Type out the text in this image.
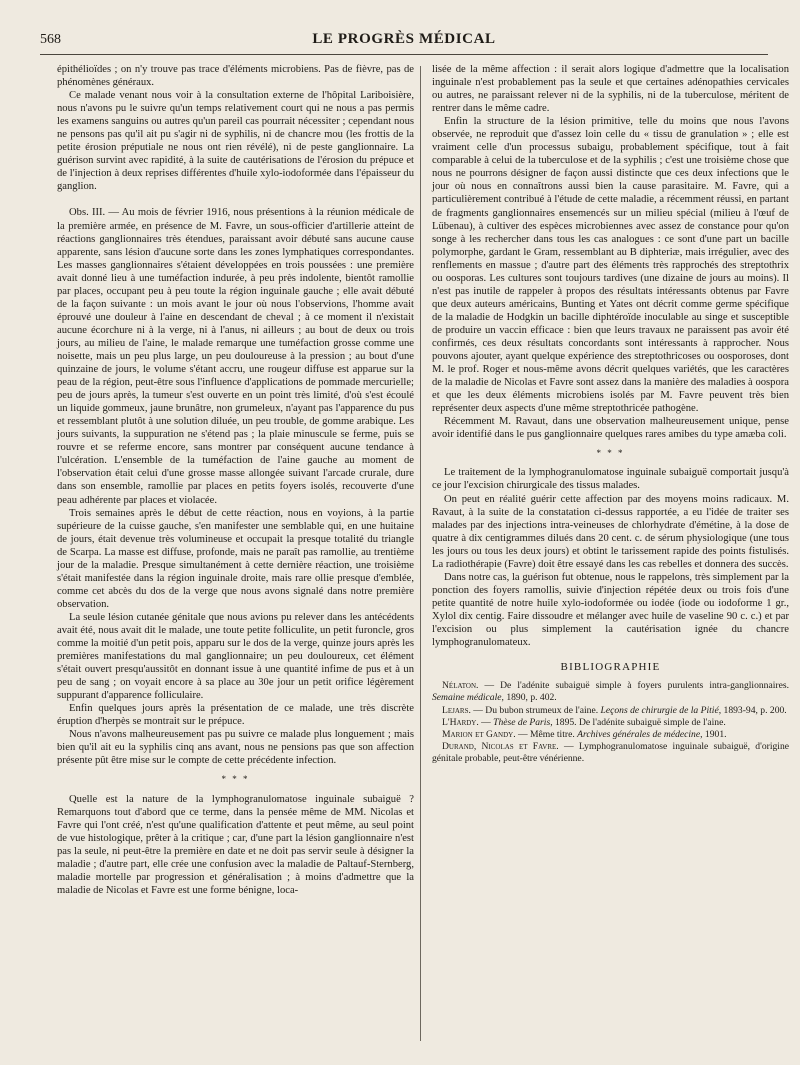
568	LE PROGRÈS MÉDICAL

épithélioïdes ; on n'y trouve pas trace d'éléments microbiens. Pas de fièvre, pas de phénomènes généraux.

Ce malade venant nous voir à la consultation externe de l'hôpital Lariboisière, nous n'avons pu le suivre qu'un temps relativement court qui ne nous a pas permis les examens sanguins ou autres qu'un pareil cas pourrait nécessiter ; cependant nous ne pensons pas qu'il ait pu s'agir ni de syphilis, ni de chancre mou (les frottis de la petite érosion préputiale ne nous ont rien révélé), ni de peste ganglionnaire. La guérison survint avec rapidité, à la suite de cautérisations de l'érosion du prépuce et de l'injection à deux reprises différentes d'huile xylo-iodoformée dans l'épaisseur du ganglion.

Obs. III. — Au mois de février 1916, nous présentions à la réunion médicale de la première armée, en présence de M. Favre, un sous-officier d'artillerie atteint de réactions ganglionnaires très étendues, paraissant avoir débuté sans aucune cause apparente, sans lésion d'aucune sorte dans les zones lymphatiques correspondantes. Les masses ganglionnaires s'étaient développées en trois poussées : une première avait donné lieu à une tuméfaction indurée, à peu près indolente, bientôt ramollie par places, occupant peu à peu toute la région inguinale gauche ; elle avait débuté de la façon suivante : un mois avant le jour où nous l'observions, l'homme avait éprouvé une douleur à l'aine en descendant de cheval ; à ce moment il n'existait aucune écorchure ni à la verge, ni à l'anus, ni ailleurs ; au bout de deux ou trois jours, au milieu de l'aine, le malade remarque une tuméfaction grosse comme une noisette, mais un peu plus large, un peu douloureuse à la pression ; au bout d'une quinzaine de jours, le volume s'étant accru, une rougeur diffuse est apparue sur la peau de la région, peut-être sous l'influence d'applications de pommade mercurielle; peu de jours après, la tumeur s'est ouverte en un point très limité, d'où s'est écoulé un liquide gommeux, jaune brunâtre, non grumeleux, n'ayant pas l'apparence du pus et ressemblant plutôt à une solution diluée, un peu trouble, de gomme arabique. Les jours suivants, la suppuration ne s'étend pas ; la plaie minuscule se ferme, puis se rouvre et se referme encore, sans montrer par conséquent aucune tendance à l'ulcération. L'ensemble de la tuméfaction de l'aine gauche au moment de l'observation était celui d'une grosse masse allongée suivant l'arcade crurale, dure dans son ensemble, ramollie par places en petits foyers isolés, recouverte d'une peau adhérente par places et violacée.

Trois semaines après le début de cette réaction, nous en voyions, à la partie supérieure de la cuisse gauche, s'en manifester une semblable qui, en une huitaine de jours, était devenue très volumineuse et occupait la presque totalité du triangle de Scarpa. La masse est diffuse, profonde, mais ne paraît pas ramollie, au trentième jour de la maladie. Presque simultanément à cette dernière réaction, une troisième s'était manifestée dans la région inguinale droite, mais rare ollie presque d'emblée, comme cet abcès du dos de la verge que nous avons signalé dans notre première observation.

La seule lésion cutanée génitale que nous avions pu relever dans les antécédents avait été, nous avait dit le malade, une toute petite folliculite, un petit furoncle, gros comme la moitié d'un petit pois, apparu sur le dos de la verge, quinze jours après les premières manifestations du mal ganglionnaire; un peu douloureux, cet élément s'était ouvert presqu'aussitôt en donnant issue à une quantité infime de pus et à un peu de sang ; on voyait encore à sa place au 30e jour un petit orifice légèrement suppurant d'apparence folliculaire.

Enfin quelques jours après la présentation de ce malade, une très discrète éruption d'herpès se montrait sur le prépuce.

Nous n'avons malheureusement pas pu suivre ce malade plus longuement ; mais bien qu'il ait eu la syphilis cinq ans avant, nous ne pensions pas que son affection présente pût être mise sur le compte de cette précédente infection.

* * *

Quelle est la nature de la lymphogranulomatose inguinale subaiguë ? Remarquons tout d'abord que ce terme, dans la pensée même de MM. Nicolas et Favre qui l'ont créé, n'est qu'une qualification d'attente et peut même, au seul point de vue histologique, prêter à la critique ; car, d'une part la lésion ganglionnaire n'est pas la seule, ni peut-être la première en date et ne doit pas servir seule à désigner la maladie ; d'autre part, elle crée une confusion avec la maladie de Paltauf-Sternberg, maladie mortelle par progression et généralisation ; à moins d'admettre que la maladie de Nicolas et Favre est une forme bénigne, loca-

lisée de la même affection : il serait alors logique d'admettre que la localisation inguinale n'est probablement pas la seule et que certaines adénopathies cervicales ou autres, ne paraissant relever ni de la syphilis, ni de la tuberculose, méritent de rentrer dans le même cadre.

Enfin la structure de la lésion primitive, telle du moins que nous l'avons observée, ne reproduit que d'assez loin celle du « tissu de granulation » ; elle est vraiment celle d'un processus subaigu, probablement spécifique, tout à fait comparable à celui de la tuberculose et de la syphilis ; c'est une troisième chose que nous ne pourrons désigner de façon aussi distincte que ces deux infections que le jour où nous en connaîtrons aussi bien la cause parasitaire. M. Favre, qui a particulièrement contribué à l'étude de cette maladie, a récemment réussi, en partant de fragments ganglionnaires ensemencés sur un milieu spécial (milieu à l'œuf de Lübenau), à cultiver des espèces microbiennes avec assez de constance pour qu'on songe à les rechercher dans tous les cas analogues : ce sont d'une part un bacille polymorphe, gardant le Gram, ressemblant au B diphteriæ, mais irrégulier, avec des renflements en massue ; d'autre part des éléments très rapprochés des streptothrix ou oosporas. Les cultures sont toujours tardives (une dizaine de jours au moins). Il n'est pas inutile de rappeler à propos des résultats intéressants obtenus par Favre que deux auteurs américains, Bunting et Yates ont décrit comme germe spécifique de la maladie de Hodgkin un bacille diphtéroïde inoculable au singe et susceptible de produire un vaccin efficace : bien que leurs travaux ne paraissent pas avoir été confirmés, ces deux résultats concordants sont intéressants à rapprocher. Nous pouvons ajouter, ayant quelque expérience des streptothricoses ou oosporoses, dont M. le prof. Roger et nous-même avons décrit quelques variétés, que les caractères de la maladie de Nicolas et Favre sont assez dans la manière des maladies à oospora et que les deux éléments microbiens isolés par M. Favre peuvent très bien représenter deux aspects d'une même streptothricée pathogène.

Récemment M. Ravaut, dans une observation malheureusement unique, pense avoir identifié dans le pus ganglionnaire quelques rares amibes du type amæba coli.

* * *

Le traitement de la lymphogranulomatose inguinale subaiguë comportait jusqu'à ce jour l'excision chirurgicale des tissus malades.

On peut en réalité guérir cette affection par des moyens moins radicaux. M. Ravaut, à la suite de la constatation ci-dessus rapportée, a eu l'idée de traiter ses malades par des injections intra-veineuses de chlorhydrate d'émétine, à la dose de quatre à dix centigrammes dilués dans 20 cent. c. de sérum physiologique (une tous les jours ou tous les deux jours) et obtint le tarissement rapide des points fistulisés. La radiothérapie (Favre) doit être essayé dans les cas rebelles et donnera des succès.

Dans notre cas, la guérison fut obtenue, nous le rappelons, très simplement par la ponction des foyers ramollis, suivie d'injection répétée deux ou trois fois d'une petite quantité de notre huile xylo-iodoformée ou iodée (iode ou iodoforme 1 gr., Xylol dix centig. Faire dissoudre et mélanger avec huile de vaseline 90 c. c.) et par l'excision ou plus simplement la cautérisation ignée du chancre lymphogranulomateux.

BIBLIOGRAPHIE

Nélaton. — De l'adénite subaiguë simple à foyers purulents intra-ganglionnaires. Semaine médicale, 1890, p. 402.

Lejars. — Du bubon strumeux de l'aine. Leçons de chirurgie de la Pitié, 1893-94, p. 200.

L'Hardy. — Thèse de Paris, 1895. De l'adénite subaiguë simple de l'aine.

Marion et Gandy. — Même titre. Archives générales de médecine, 1901.

Durand, Nicolas et Favre. — Lymphogranulomatose inguinale subaiguë, d'origine génitale probable, peut-être vénérienne.
